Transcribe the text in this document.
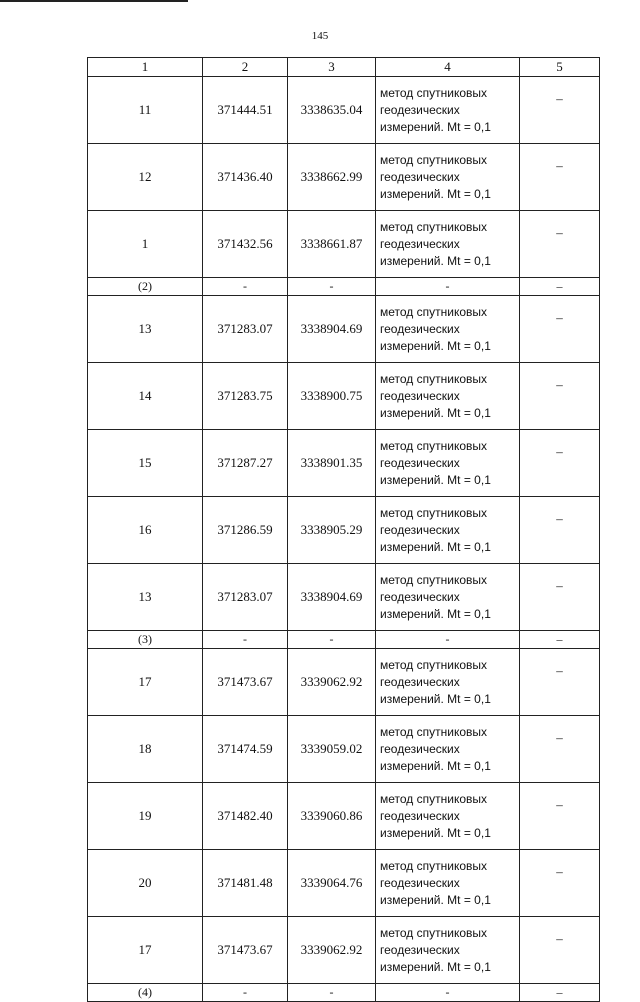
145
1	2	3	4	5
11	371444.51	3338635.04	метод спутниковых геодезических измерений. Mt = 0,1	–
12	371436.40	3338662.99	метод спутниковых геодезических измерений. Mt = 0,1	–
1	371432.56	3338661.87	метод спутниковых геодезических измерений. Mt = 0,1	–
(2)	-	-	-	–
13	371283.07	3338904.69	метод спутниковых геодезических измерений. Mt = 0,1	–
14	371283.75	3338900.75	метод спутниковых геодезических измерений. Mt = 0,1	–
15	371287.27	3338901.35	метод спутниковых геодезических измерений. Mt = 0,1	–
16	371286.59	3338905.29	метод спутниковых геодезических измерений. Mt = 0,1	–
13	371283.07	3338904.69	метод спутниковых геодезических измерений. Mt = 0,1	–
(3)	-	-	-	–
17	371473.67	3339062.92	метод спутниковых геодезических измерений. Mt = 0,1	–
18	371474.59	3339059.02	метод спутниковых геодезических измерений. Mt = 0,1	–
19	371482.40	3339060.86	метод спутниковых геодезических измерений. Mt = 0,1	–
20	371481.48	3339064.76	метод спутниковых геодезических измерений. Mt = 0,1	–
17	371473.67	3339062.92	метод спутниковых геодезических измерений. Mt = 0,1	–
(4)	-	-	-	–
